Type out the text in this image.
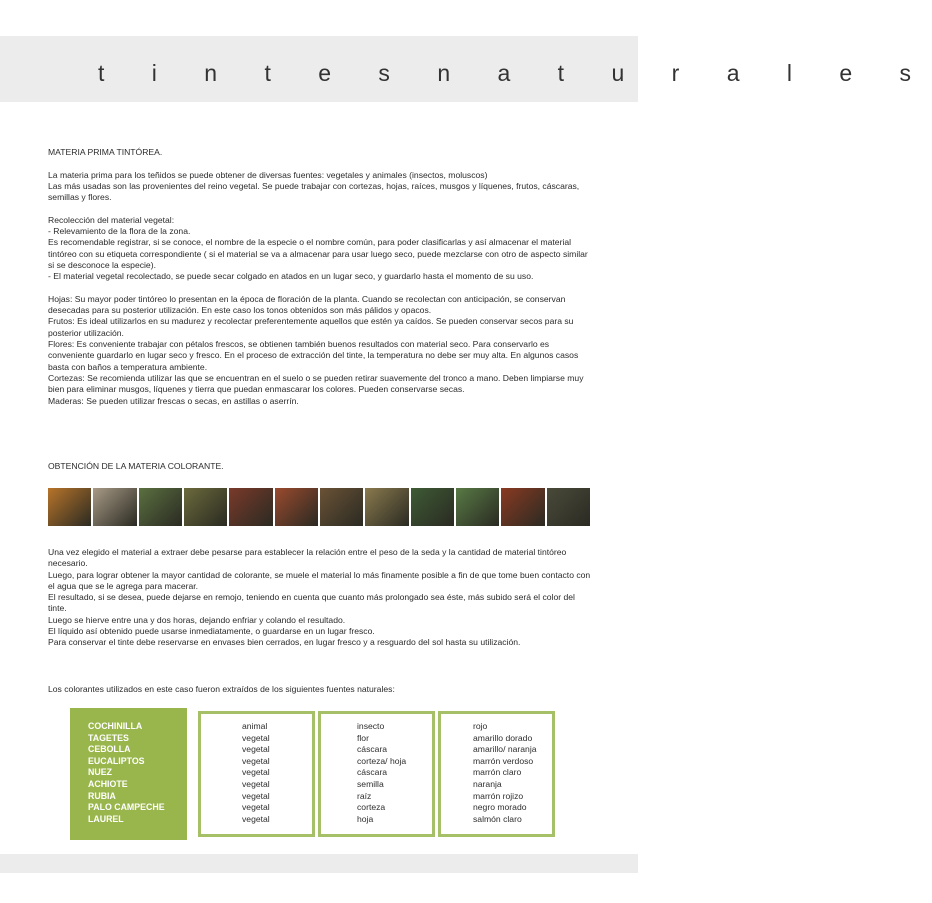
t i n t e s n a t u r a l e s

MATERIA PRIMA TINTÓREA.

La materia prima para los teñidos se puede obtener de diversas fuentes: vegetales y animales (insectos, moluscos)

Las más usadas son las provenientes del reino vegetal. Se puede trabajar con cortezas, hojas, raíces, musgos y líquenes, frutos, cáscaras, semillas y flores.

Recolección del material vegetal:

- Relevamiento de la flora de la zona.

Es recomendable registrar, si se conoce, el nombre de la especie o el nombre común, para poder clasificarlas y así almacenar el material tintóreo con su etiqueta correspondiente ( si el material se va a almacenar para usar luego seco, puede mezclarse con otro de aspecto similar si se desconoce la especie).

- El material vegetal recolectado, se puede secar colgado en atados en un lugar seco, y guardarlo hasta el momento de su uso.

Hojas: Su mayor poder tintóreo lo presentan en la época de floración de la planta. Cuando se recolectan con anticipación, se conservan desecadas para su posterior utilización. En este caso los tonos obtenidos son más pálidos y opacos.

Frutos: Es ideal utilizarlos en su madurez y recolectar preferentemente aquellos que estén ya caídos. Se pueden conservar secos para su posterior utilización.

Flores: Es conveniente trabajar con pétalos frescos, se obtienen también buenos resultados con material seco. Para conservarlo es conveniente guardarlo en lugar seco y fresco. En el proceso de extracción del tinte, la temperatura no debe ser muy alta. En algunos casos basta con baños a temperatura ambiente.

Cortezas: Se recomienda utilizar las que se encuentran en el suelo o se pueden retirar suavemente del tronco a mano. Deben limpiarse muy bien para eliminar musgos, líquenes y tierra que puedan enmascarar los colores. Pueden conservarse secas.

Maderas: Se pueden utilizar frescas o secas, en astillas o aserrín.

OBTENCIÓN DE LA MATERIA COLORANTE.

Una vez elegido el material a extraer debe pesarse para establecer la relación entre el peso de la seda y la cantidad de material tintóreo necesario.

Luego, para lograr obtener la mayor cantidad de colorante, se muele el material lo más finamente posible a fin de que tome buen contacto con el agua que se le agrega para macerar.

El resultado, si se desea, puede dejarse en remojo, teniendo en cuenta que cuanto más prolongado sea éste, más subido será el color del tinte.

Luego se hierve entre una y dos horas, dejando enfriar y colando el resultado.

El líquido así obtenido puede usarse inmediatamente, o guardarse en un lugar fresco.

Para conservar el tinte debe reservarse en envases bien cerrados, en lugar fresco y a resguardo del sol hasta su utilización.

Los colorantes utilizados en este caso fueron extraídos de los siguientes fuentes naturales:

COCHINILLA
TAGETES
CEBOLLA
EUCALIPTOS
NUEZ
ACHIOTE
RUBIA
PALO CAMPECHE
LAUREL
animal
vegetal
vegetal
vegetal
vegetal
vegetal
vegetal
vegetal
vegetal
insecto
flor
cáscara
corteza/ hoja
cáscara
semilla
raíz
corteza
hoja
rojo
amarillo dorado
amarillo/ naranja
marrón verdoso
marrón claro
naranja
marrón rojizo
negro morado
salmón claro
